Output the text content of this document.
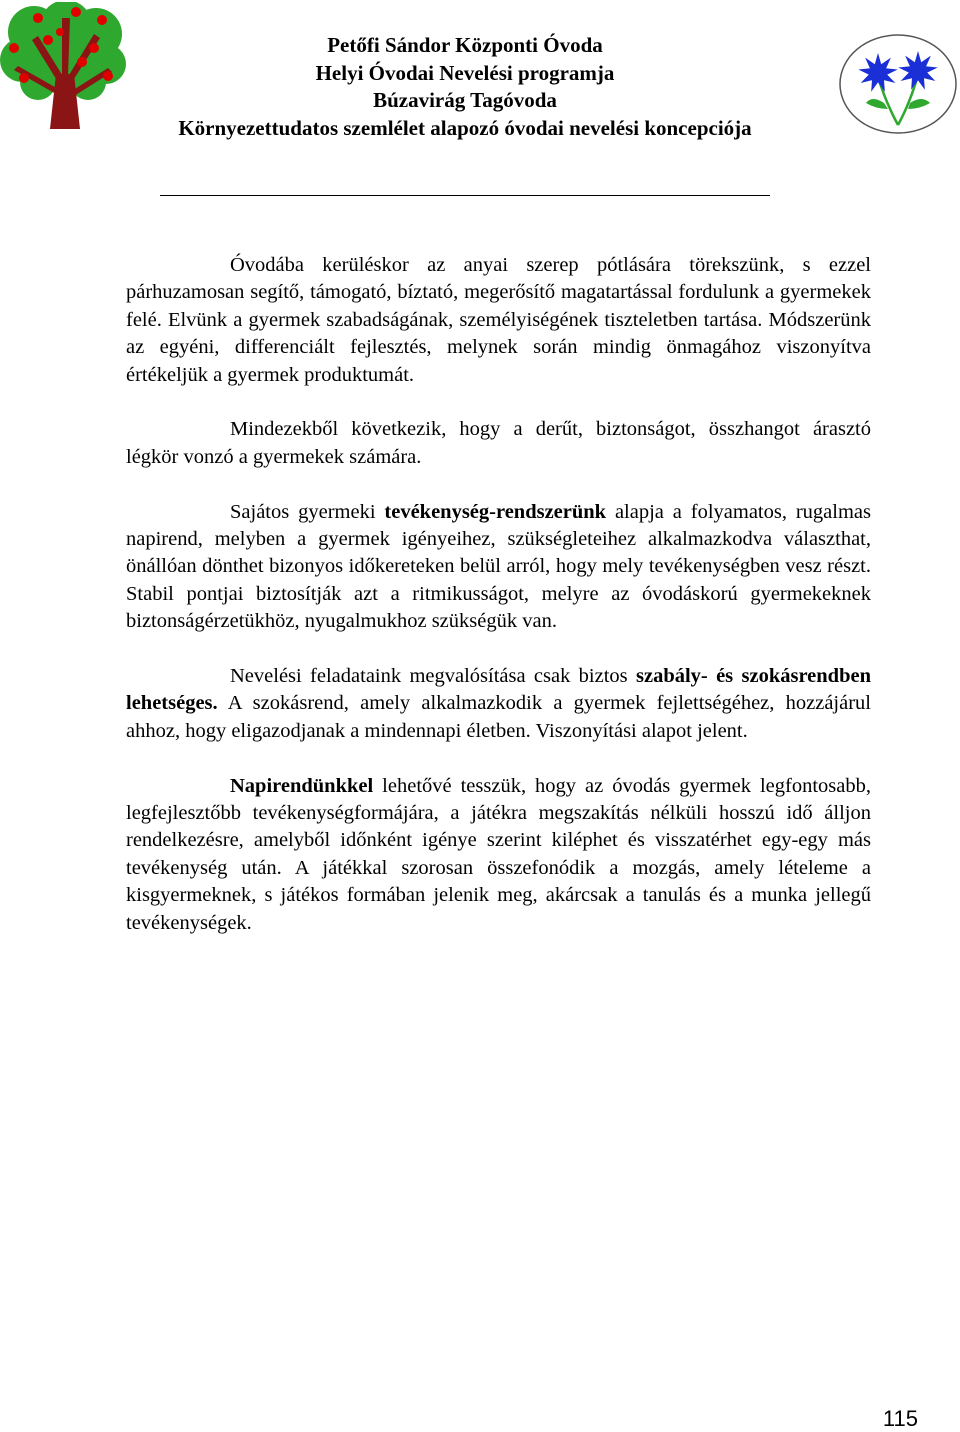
Petőfi Sándor Központi Óvoda
Helyi Óvodai Nevelési programja
Búzavirág Tagóvoda
Környezettudatos szemlélet alapozó óvodai nevelési koncepciója

Óvodába kerüléskor az anyai szerep pótlására törekszünk, s ezzel párhuzamosan segítő, támogató, bíztató, megerősítő magatartással fordulunk a gyermekek felé. Elvünk a gyermek szabadságának, személyiségének tiszteletben tartása. Módszerünk az egyéni, differenciált fejlesztés, melynek során mindig önmagához viszonyítva értékeljük a gyermek produktumát.

Mindezekből következik, hogy a derűt, biztonságot, összhangot árasztó légkör vonzó a gyermekek számára.

Sajátos gyermeki tevékenység-rendszerünk alapja a folyamatos, rugalmas napirend, melyben a gyermek igényeihez, szükségleteihez alkalmazkodva választhat, önállóan dönthet bizonyos időkereteken belül arról, hogy mely tevékenységben vesz részt. Stabil pontjai biztosítják azt a ritmikusságot, melyre az óvodáskorú gyermekeknek biztonságérzetükhöz, nyugalmukhoz szükségük van.

Nevelési feladataink megvalósítása csak biztos szabály- és szokásrendben lehetséges. A szokásrend, amely alkalmazkodik a gyermek fejlettségéhez, hozzájárul ahhoz, hogy eligazodjanak a mindennapi életben. Viszonyítási alapot jelent.

Napirendünkkel lehetővé tesszük, hogy az óvodás gyermek legfontosabb, legfejlesztőbb tevékenységformájára, a játékra megszakítás nélküli hosszú idő álljon rendelkezésre, amelyből időnként igénye szerint kiléphet és visszatérhet egy-egy más tevékenység után. A játékkal szorosan összefonódik a mozgás, amely lételeme a kisgyermeknek, s játékos formában jelenik meg, akárcsak a tanulás és a munka jellegű tevékenységek.

115
